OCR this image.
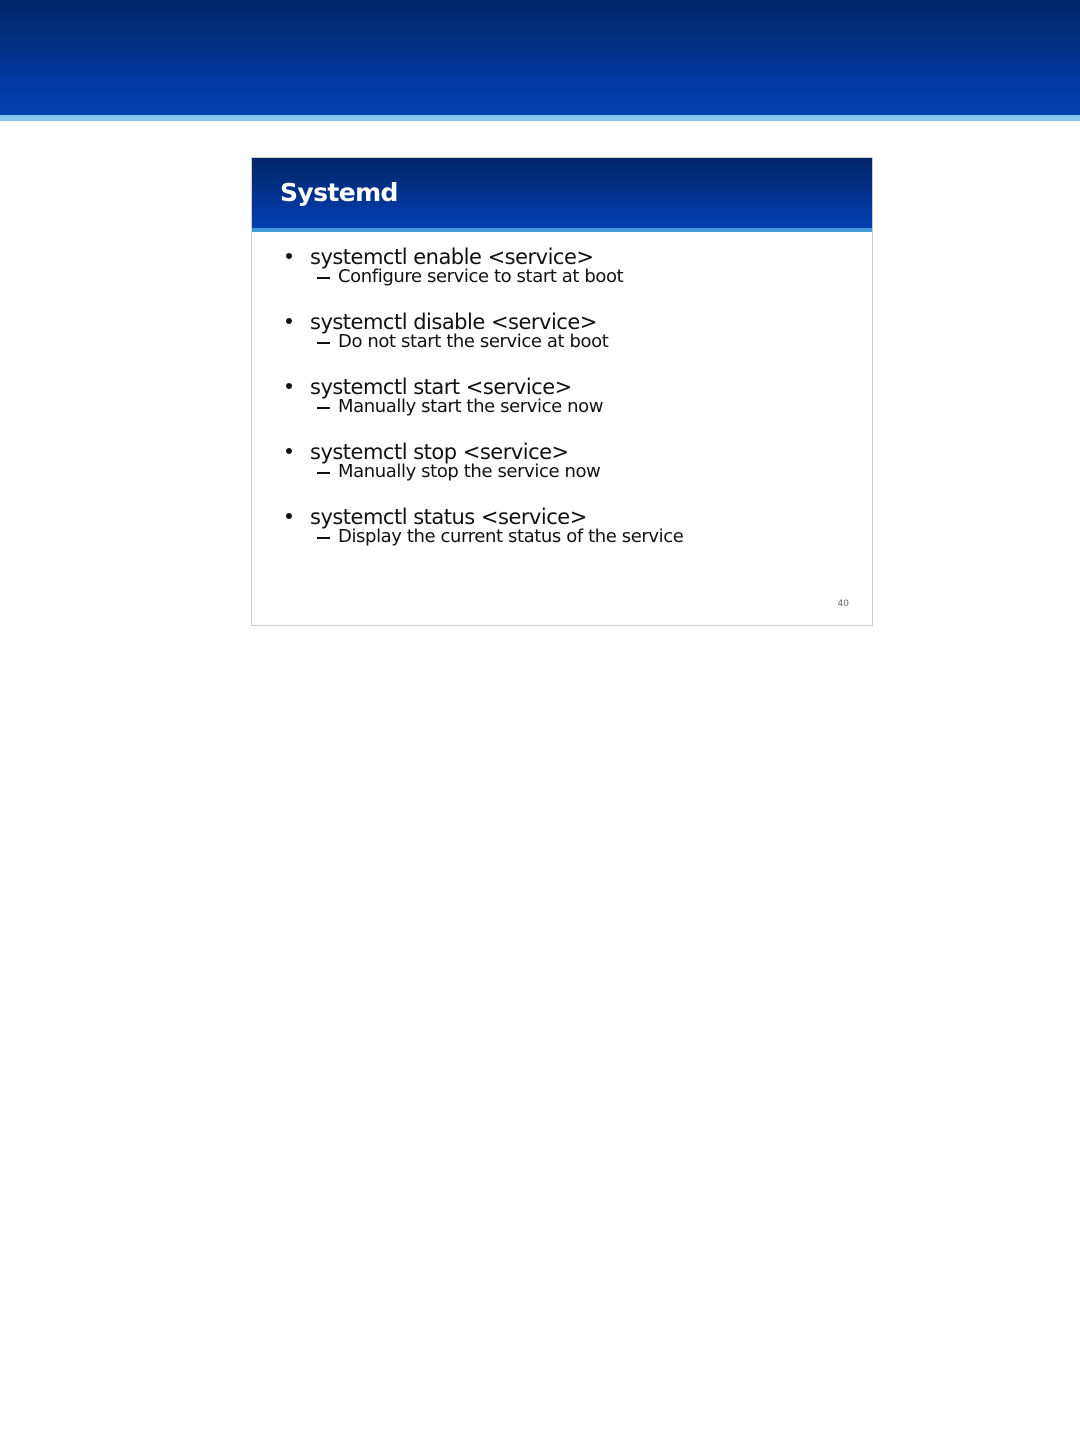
Systemd
systemctl enable <service>
Configure service to start at boot
systemctl disable <service>
Do not start the service at boot
systemctl start <service>
Manually start the service now
systemctl stop <service>
Manually stop the service now
systemctl status <service>
Display the current status of the service
40
